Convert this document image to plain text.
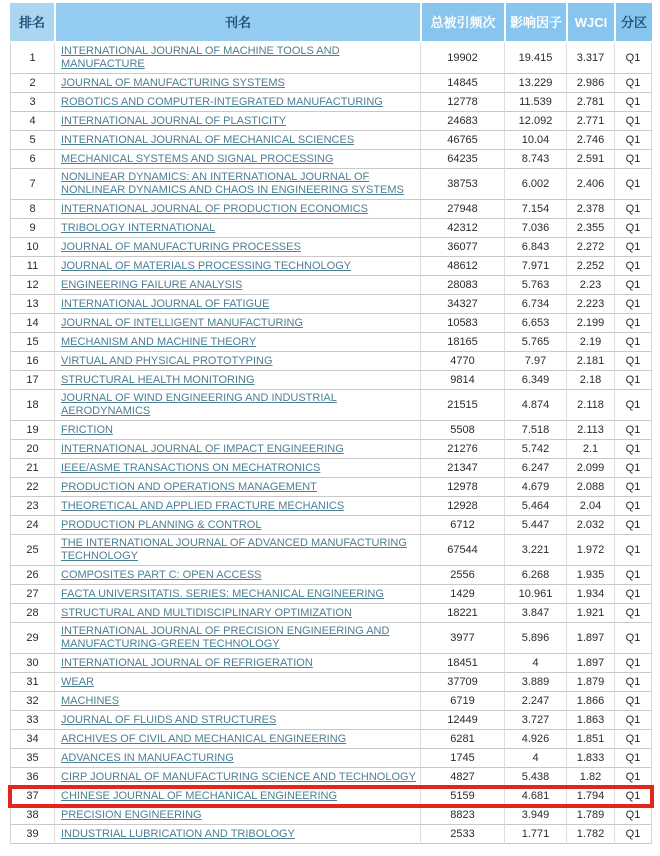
排名	刊名	总被引频次	影响因子	WJCI	分区
1	INTERNATIONAL JOURNAL OF MACHINE TOOLS AND MANUFACTURE	19902	19.415	3.317	Q1
2	JOURNAL OF MANUFACTURING SYSTEMS	14845	13.229	2.986	Q1
3	ROBOTICS AND COMPUTER-INTEGRATED MANUFACTURING	12778	11.539	2.781	Q1
4	INTERNATIONAL JOURNAL OF PLASTICITY	24683	12.092	2.771	Q1
5	INTERNATIONAL JOURNAL OF MECHANICAL SCIENCES	46765	10.04	2.746	Q1
6	MECHANICAL SYSTEMS AND SIGNAL PROCESSING	64235	8.743	2.591	Q1
7	NONLINEAR DYNAMICS: AN INTERNATIONAL JOURNAL OF NONLINEAR DYNAMICS AND CHAOS IN ENGINEERING SYSTEMS	38753	6.002	2.406	Q1
8	INTERNATIONAL JOURNAL OF PRODUCTION ECONOMICS	27948	7.154	2.378	Q1
9	TRIBOLOGY INTERNATIONAL	42312	7.036	2.355	Q1
10	JOURNAL OF MANUFACTURING PROCESSES	36077	6.843	2.272	Q1
11	JOURNAL OF MATERIALS PROCESSING TECHNOLOGY	48612	7.971	2.252	Q1
12	ENGINEERING FAILURE ANALYSIS	28083	5.763	2.23	Q1
13	INTERNATIONAL JOURNAL OF FATIGUE	34327	6.734	2.223	Q1
14	JOURNAL OF INTELLIGENT MANUFACTURING	10583	6.653	2.199	Q1
15	MECHANISM AND MACHINE THEORY	18165	5.765	2.19	Q1
16	VIRTUAL AND PHYSICAL PROTOTYPING	4770	7.97	2.181	Q1
17	STRUCTURAL HEALTH MONITORING	9814	6.349	2.18	Q1
18	JOURNAL OF WIND ENGINEERING AND INDUSTRIAL AERODYNAMICS	21515	4.874	2.118	Q1
19	FRICTION	5508	7.518	2.113	Q1
20	INTERNATIONAL JOURNAL OF IMPACT ENGINEERING	21276	5.742	2.1	Q1
21	IEEE/ASME TRANSACTIONS ON MECHATRONICS	21347	6.247	2.099	Q1
22	PRODUCTION AND OPERATIONS MANAGEMENT	12978	4.679	2.088	Q1
23	THEORETICAL AND APPLIED FRACTURE MECHANICS	12928	5.464	2.04	Q1
24	PRODUCTION PLANNING & CONTROL	6712	5.447	2.032	Q1
25	THE INTERNATIONAL JOURNAL OF ADVANCED MANUFACTURING TECHNOLOGY	67544	3.221	1.972	Q1
26	COMPOSITES PART C: OPEN ACCESS	2556	6.268	1.935	Q1
27	FACTA UNIVERSITATIS. SERIES: MECHANICAL ENGINEERING	1429	10.961	1.934	Q1
28	STRUCTURAL AND MULTIDISCIPLINARY OPTIMIZATION	18221	3.847	1.921	Q1
29	INTERNATIONAL JOURNAL OF PRECISION ENGINEERING AND MANUFACTURING-GREEN TECHNOLOGY	3977	5.896	1.897	Q1
30	INTERNATIONAL JOURNAL OF REFRIGERATION	18451	4	1.897	Q1
31	WEAR	37709	3.889	1.879	Q1
32	MACHINES	6719	2.247	1.866	Q1
33	JOURNAL OF FLUIDS AND STRUCTURES	12449	3.727	1.863	Q1
34	ARCHIVES OF CIVIL AND MECHANICAL ENGINEERING	6281	4.926	1.851	Q1
35	ADVANCES IN MANUFACTURING	1745	4	1.833	Q1
36	CIRP JOURNAL OF MANUFACTURING SCIENCE AND TECHNOLOGY	4827	5.438	1.82	Q1
37	CHINESE JOURNAL OF MECHANICAL ENGINEERING	5159	4.681	1.794	Q1
38	PRECISION ENGINEERING	8823	3.949	1.789	Q1
39	INDUSTRIAL LUBRICATION AND TRIBOLOGY	2533	1.771	1.782	Q1
